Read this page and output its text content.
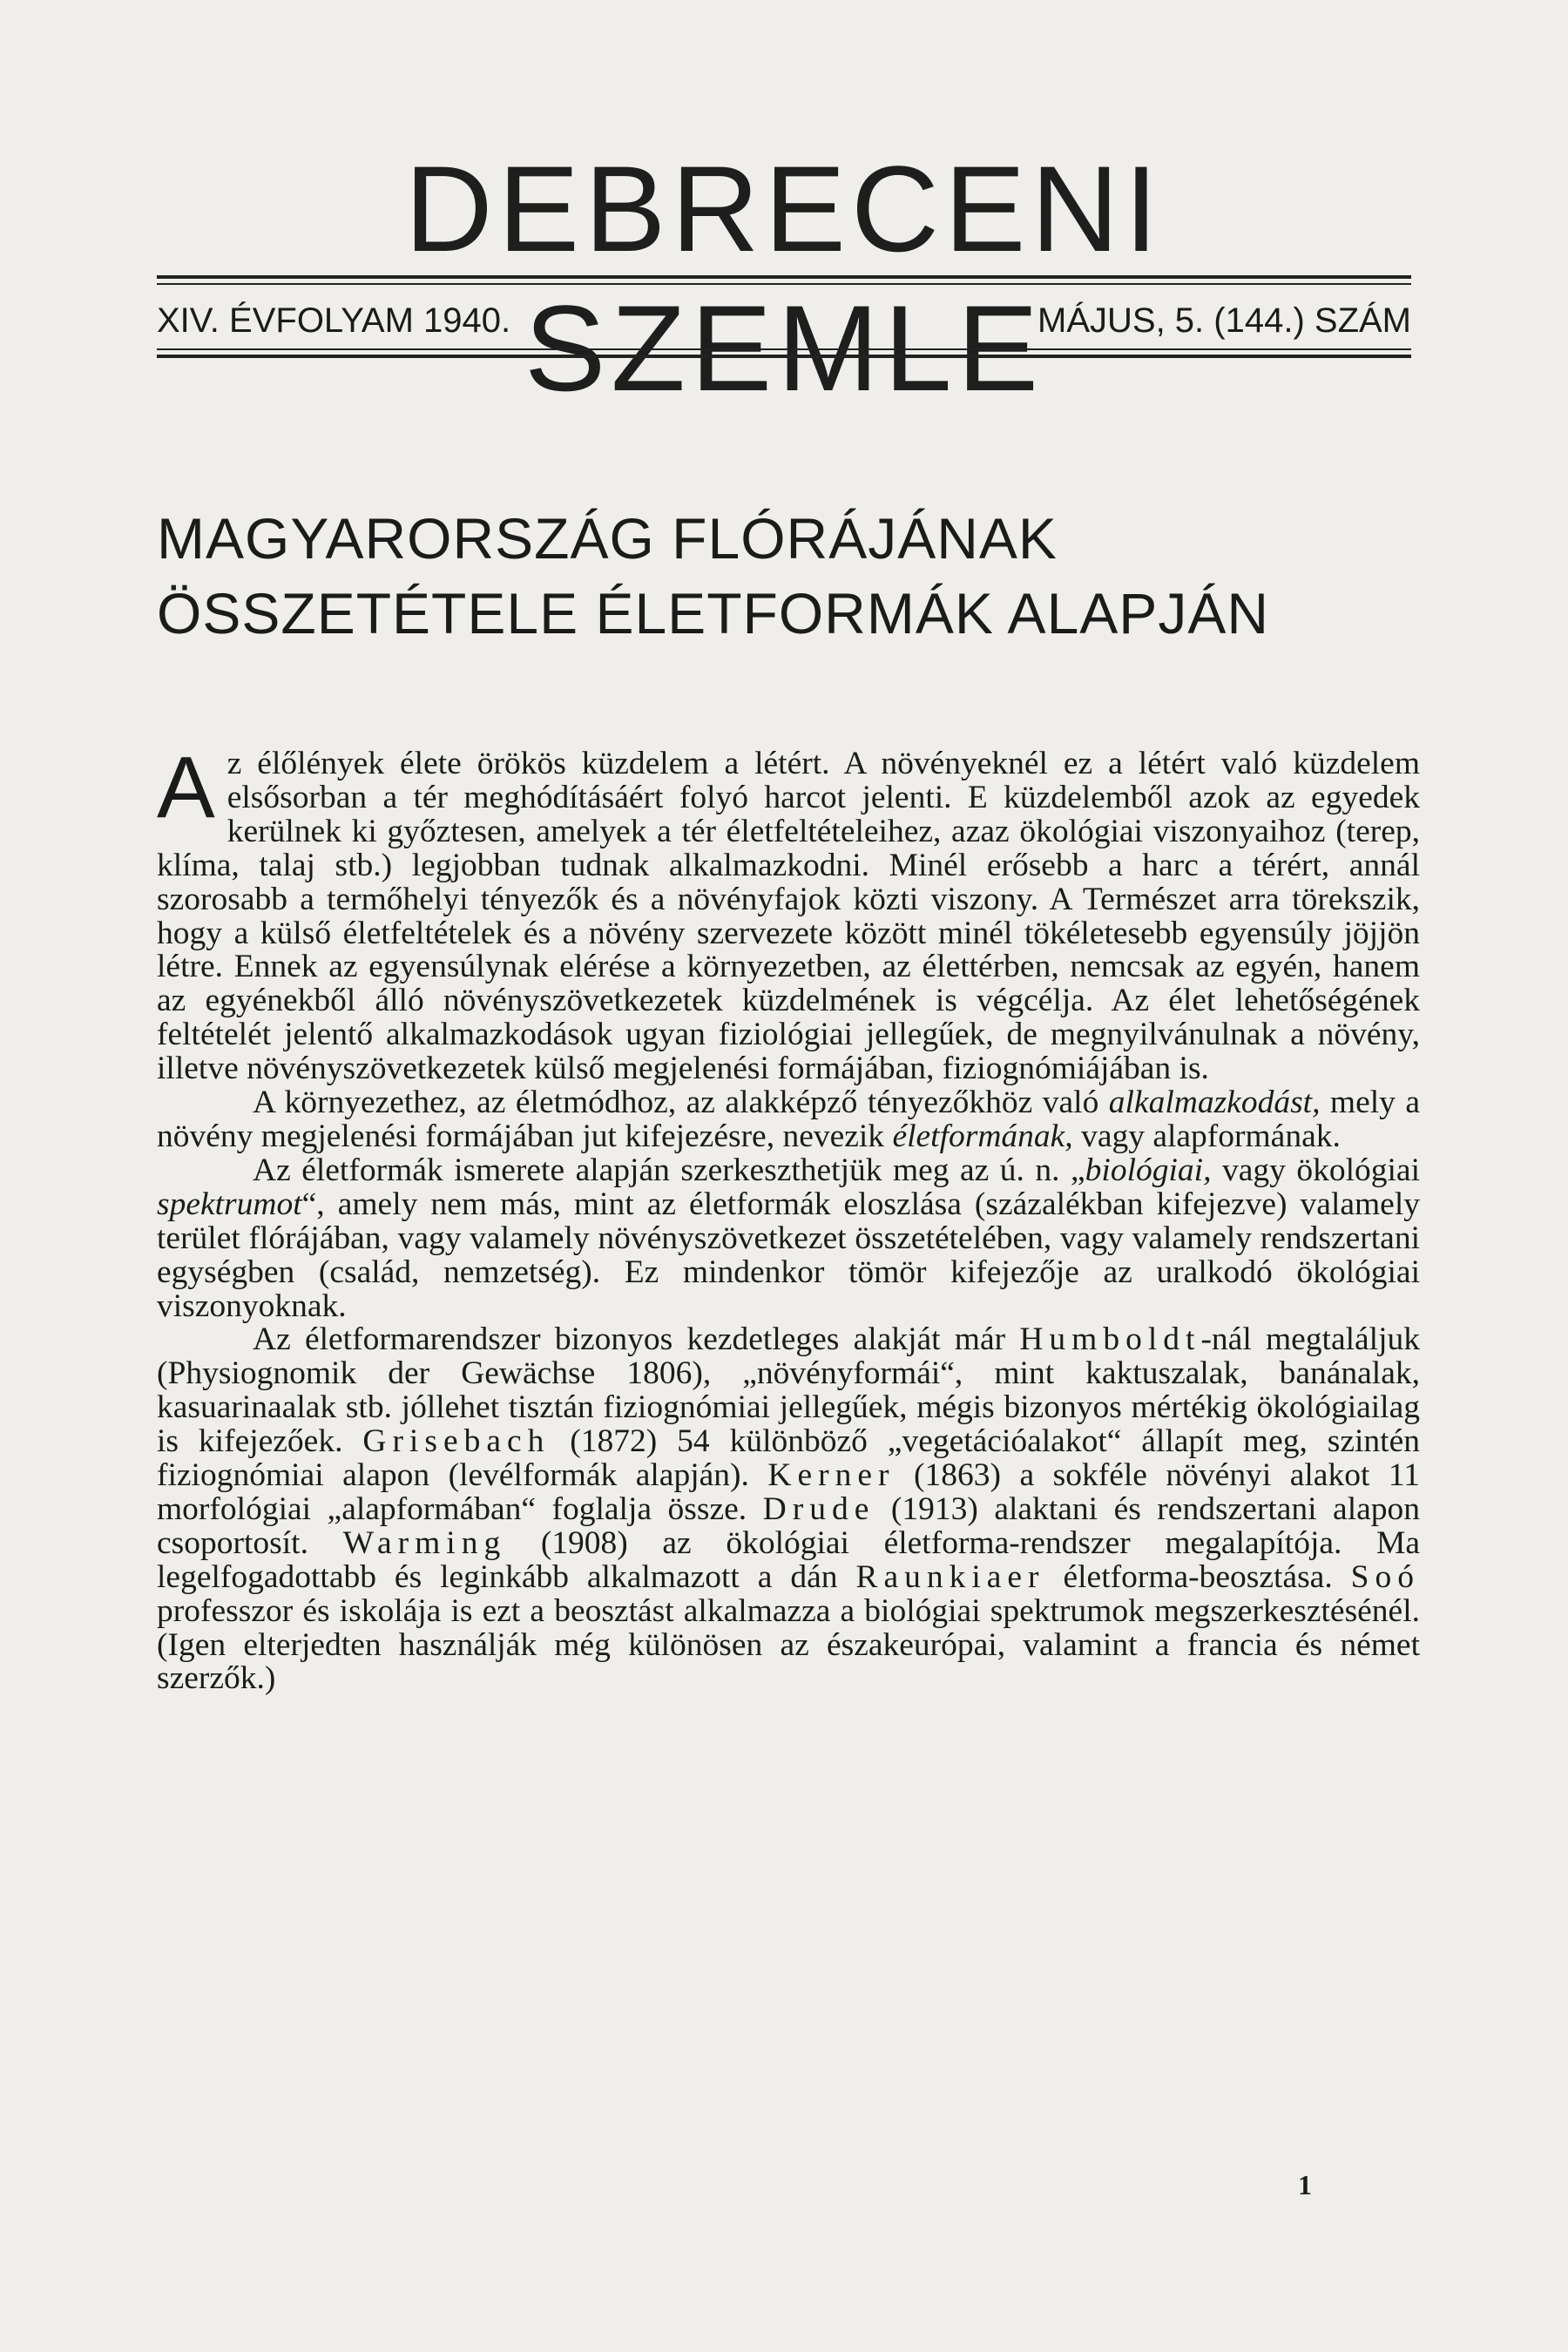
DEBRECENI SZEMLE
XIV. ÉVFOLYAM 1940.	MÁJUS, 5. (144.) SZÁM
MAGYARORSZÁG FLÓRÁJÁNAK
ÖSSZETÉTELE ÉLETFORMÁK ALAPJÁN

Az élőlények élete örökös küzdelem a létért. A növényeknél ez a létért való küzdelem elsősorban a tér meghódításáért folyó harcot jelenti. E küzdelemből azok az egyedek kerülnek ki győztesen, amelyek a tér életfeltételeihez, azaz ökológiai viszonyaihoz (terep, klíma, talaj stb.) legjobban tudnak alkalmazkodni. Minél erősebb a harc a térért, annál szorosabb a termőhelyi tényezők és a növényfajok közti viszony. A Természet arra törekszik, hogy a külső életfeltételek és a növény szervezete között minél tökéletesebb egyensúly jöjjön létre. Ennek az egyensúlynak elérése a környezetben, az élettérben, nemcsak az egyén, hanem az egyénekből álló növényszövetkezetek küzdelmének is végcélja. Az élet lehetőségének feltételét jelentő alkalmazkodások ugyan fiziológiai jellegűek, de megnyilvánulnak a növény, illetve növényszövetkezetek külső megjelenési formájában, fiziognómiájában is.

A környezethez, az életmódhoz, az alakképző tényezőkhöz való alkalmazkodást, mely a növény megjelenési formájában jut kifejezésre, nevezik életformának, vagy alapformának.

Az életformák ismerete alapján szerkeszthetjük meg az ú. n. „biológiai, vagy ökológiai spektrumot“, amely nem más, mint az életformák eloszlása (százalékban kifejezve) valamely terület flórájában, vagy valamely növényszövetkezet összetételében, vagy valamely rendszertani egységben (család, nemzetség). Ez mindenkor tömör kifejezője az uralkodó ökológiai viszonyoknak.

Az életformarendszer bizonyos kezdetleges alakját már Humboldt-nál megtaláljuk (Physiognomik der Gewächse 1806), „növényformái“, mint kaktuszalak, banánalak, kasuarinaalak stb. jóllehet tisztán fiziognómiai jellegűek, mégis bizonyos mértékig ökológiailag is kifejezőek. Grisebach (1872) 54 különböző „vegetációalakot“ állapít meg, szintén fiziognómiai alapon (levélformák alapján). Kerner (1863) a sokféle növényi alakot 11 morfológiai „alapformában“ foglalja össze. Drude (1913) alaktani és rendszertani alapon csoportosít. Warming (1908) az ökológiai életforma-rendszer megalapítója. Ma legelfogadottabb és leginkább alkalmazott a dán Raunkiaer életforma-beosztása. Soó professzor és iskolája is ezt a beosztást alkalmazza a biológiai spektrumok megszerkesztésénél. (Igen elterjedten használják még különösen az északeurópai, valamint a francia és német szerzők.)

1
